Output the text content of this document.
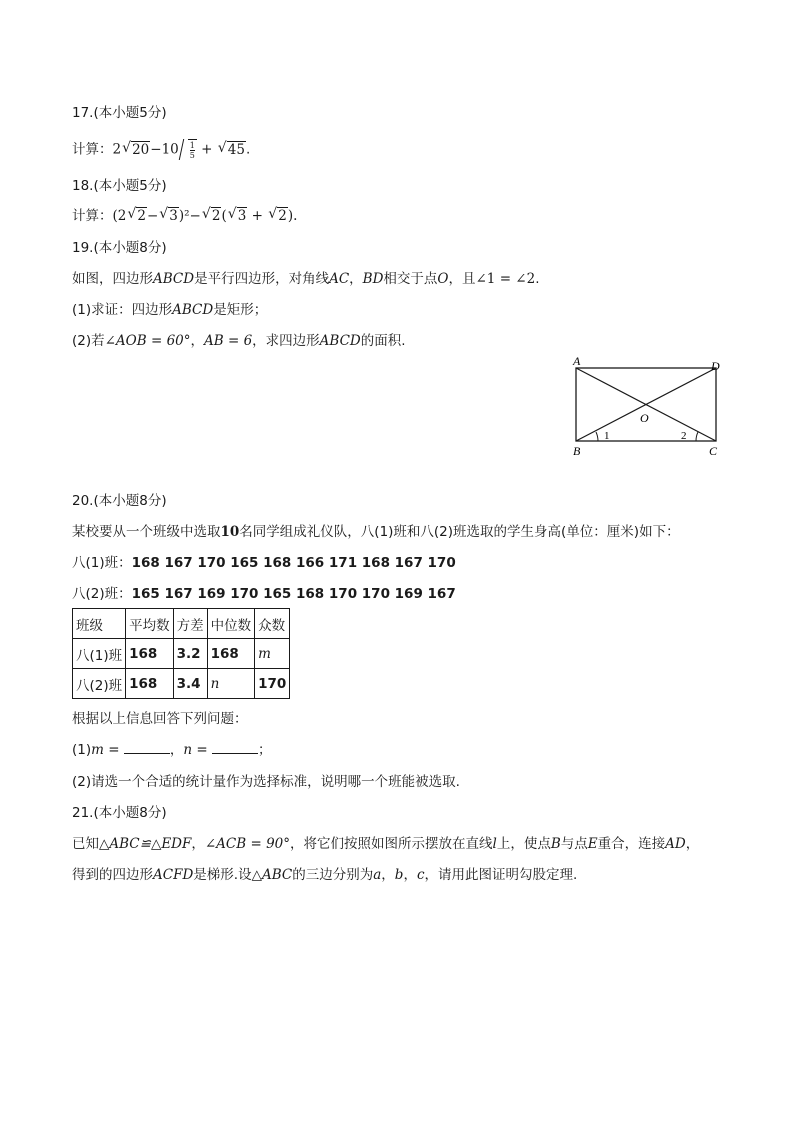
17.(本小题5分)
计算：2 √ $20-10 \frac{1}{5}$ + √ 45.
18.(本小题5分)
计算：(2 √ 2− √ 3)²− √ 2( √ 3 + √ 2).
19.(本小题8分)
如图，四边形ABCD是平行四边形，对角线AC，BD相交于点O，且∠1 = ∠2.
(1)求证：四边形ABCD是矩形；
(2)若∠AOB = 60°，AB = 6，求四边形ABCD的面积.
A	D
B	C
O
1	2
20.(本小题8分)
某校要从一个班级中选取10名同学组成礼仪队，八(1)班和八(2)班选取的学生身高(单位：厘米)如下：
八(1)班：168 167 170 165 168 166 171 168 167 170
八(2)班：165 167 169 170 165 168 170 170 169 167
班级	平均数	方差	中位数	众数
八(1)班	168	3.2	168	m
八(2)班	168	3.4	n	170
根据以上信息回答下列问题：
(1)m =	，n =	；
(2)请选一个合适的统计量作为选择标准，说明哪一个班能被选取.
21.(本小题8分)
已知△ABC≌△EDF，∠ACB = 90°，将它们按照如图所示摆放在直线l上，使点B与点E重合，连接AD，
得到的四边形ACFD是梯形.设△ABC的三边分别为a，b，c，请用此图证明勾股定理.
